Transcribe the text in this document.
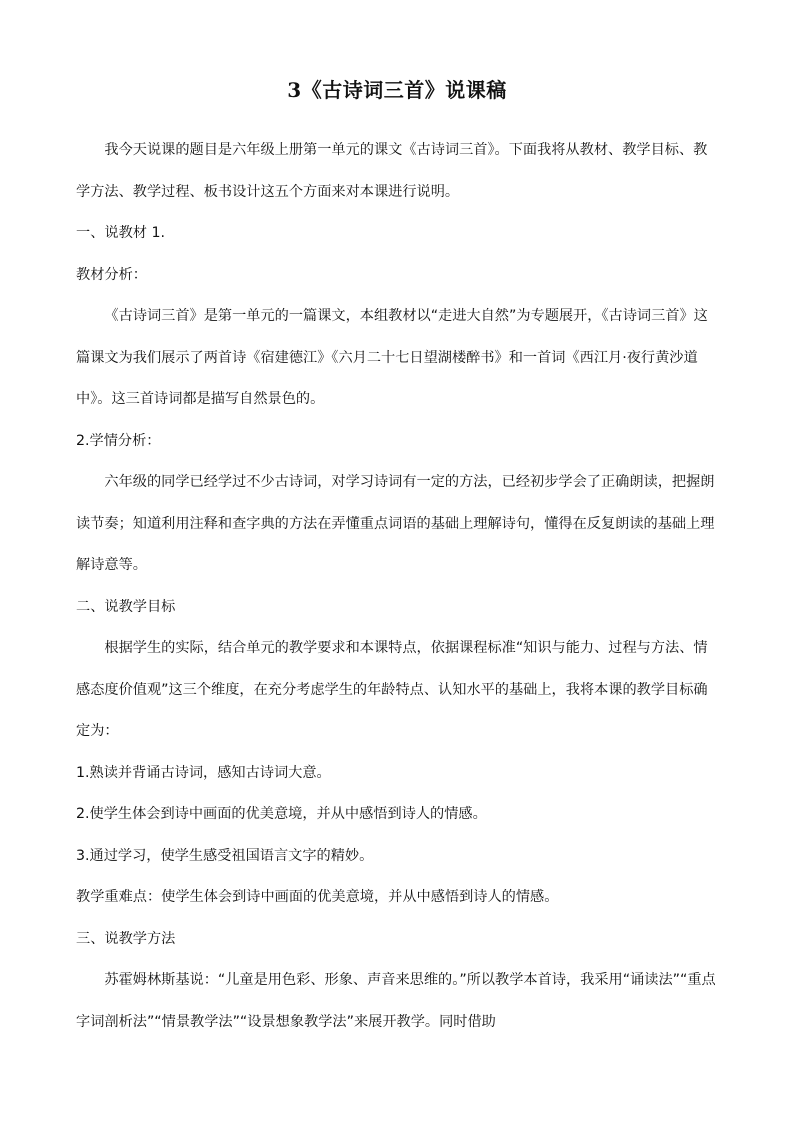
3《古诗词三首》说课稿

我今天说课的题目是六年级上册第一单元的课文《古诗词三首》。下面我将从教材、教学目标、教学方法、教学过程、板书设计这五个方面来对本课进行说明。

一、说教材 1.

教材分析：

《古诗词三首》是第一单元的一篇课文，本组教材以“走进大自然”为专题展开，《古诗词三首》这篇课文为我们展示了两首诗《宿建德江》《六月二十七日望湖楼醉书》和一首词《西江月·夜行黄沙道中》。这三首诗词都是描写自然景色的。

2.学情分析：

六年级的同学已经学过不少古诗词，对学习诗词有一定的方法，已经初步学会了正确朗读，把握朗读节奏；知道利用注释和查字典的方法在弄懂重点词语的基础上理解诗句，懂得在反复朗读的基础上理解诗意等。

二、说教学目标

根据学生的实际，结合单元的教学要求和本课特点，依据课程标准“知识与能力、过程与方法、情感态度价值观”这三个维度，在充分考虑学生的年龄特点、认知水平的基础上，我将本课的教学目标确定为：

1.熟读并背诵古诗词，感知古诗词大意。

2.使学生体会到诗中画面的优美意境，并从中感悟到诗人的情感。

3.通过学习，使学生感受祖国语言文字的精妙。

教学重难点：使学生体会到诗中画面的优美意境，并从中感悟到诗人的情感。

三、说教学方法

苏霍姆林斯基说：“儿童是用色彩、形象、声音来思维的。”所以教学本首诗，我采用“诵读法”“重点字词剖析法”“情景教学法”“设景想象教学法”来展开教学。同时借助
